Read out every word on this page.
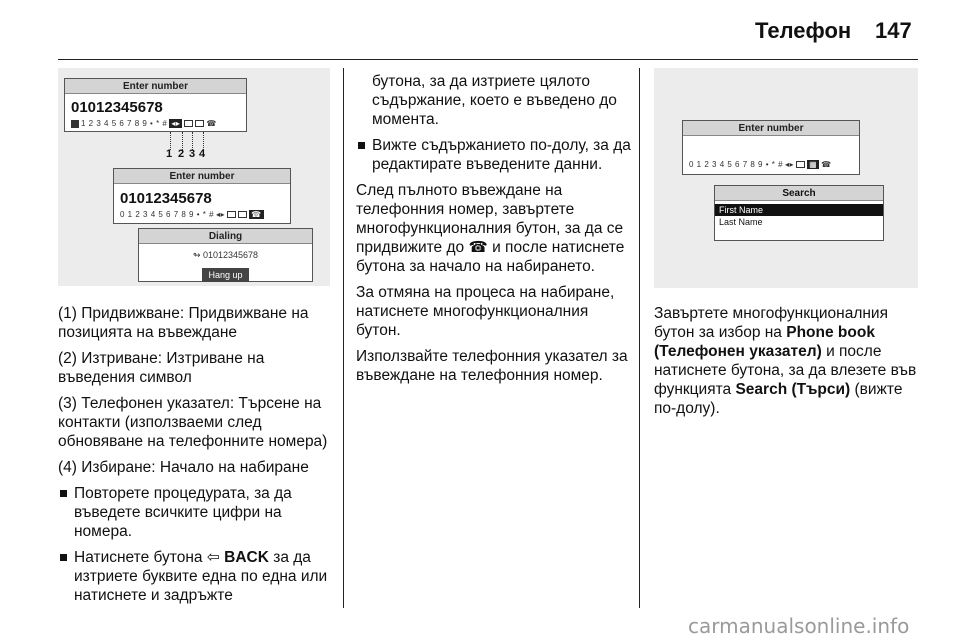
Телефон 147
Enter number
01012345678
1 2 3 4 5 6 7 8 9 • * # ◂▸	☎
1 2 3 4
Enter number
01012345678
0 1 2 3 4 5 6 7 8 9 • * # ◂▸	☎
Dialing
↬ 01012345678
Hang up

(1) Придвижване: Придвижване на позицията на въвеждане

(2) Изтриване: Изтриване на въведения символ

(3) Телефонен указател: Търсене на контакти (използваеми след обновяване на телефонните номера)

(4) Избиране: Начало на набиране

Повторете процедурата, за да въведете всичките цифри на номера.
Натиснете бутона ⇦ BACK за да изтриете буквите една по една или натиснете и задръжте
бутона, за да изтриете цялото съдържание, което е въведено до момента.
Вижте съдържанието по-долу, за да редактирате въведените данни.

След пълното въвеждане на телефонния номер, завъртете многофункционалния бутон, за да се придвижите до ☎ и после натиснете бутона за начало на набирането.

За отмяна на процеса на набиране, натиснете многофункционалния бутон.

Използвайте телефонния указател за въвеждане на телефонния номер.

Enter number
0 1 2 3 4 5 6 7 8 9 • * # ◂▸ ▦ ☎
Search
First Name
Last Name

Завъртете многофункционалния бутон за избор на Phone book (Телефонен указател) и после натиснете бутона, за да влезете във функцията Search (Търси) (вижте по-долу).

carmanualsonline.info
